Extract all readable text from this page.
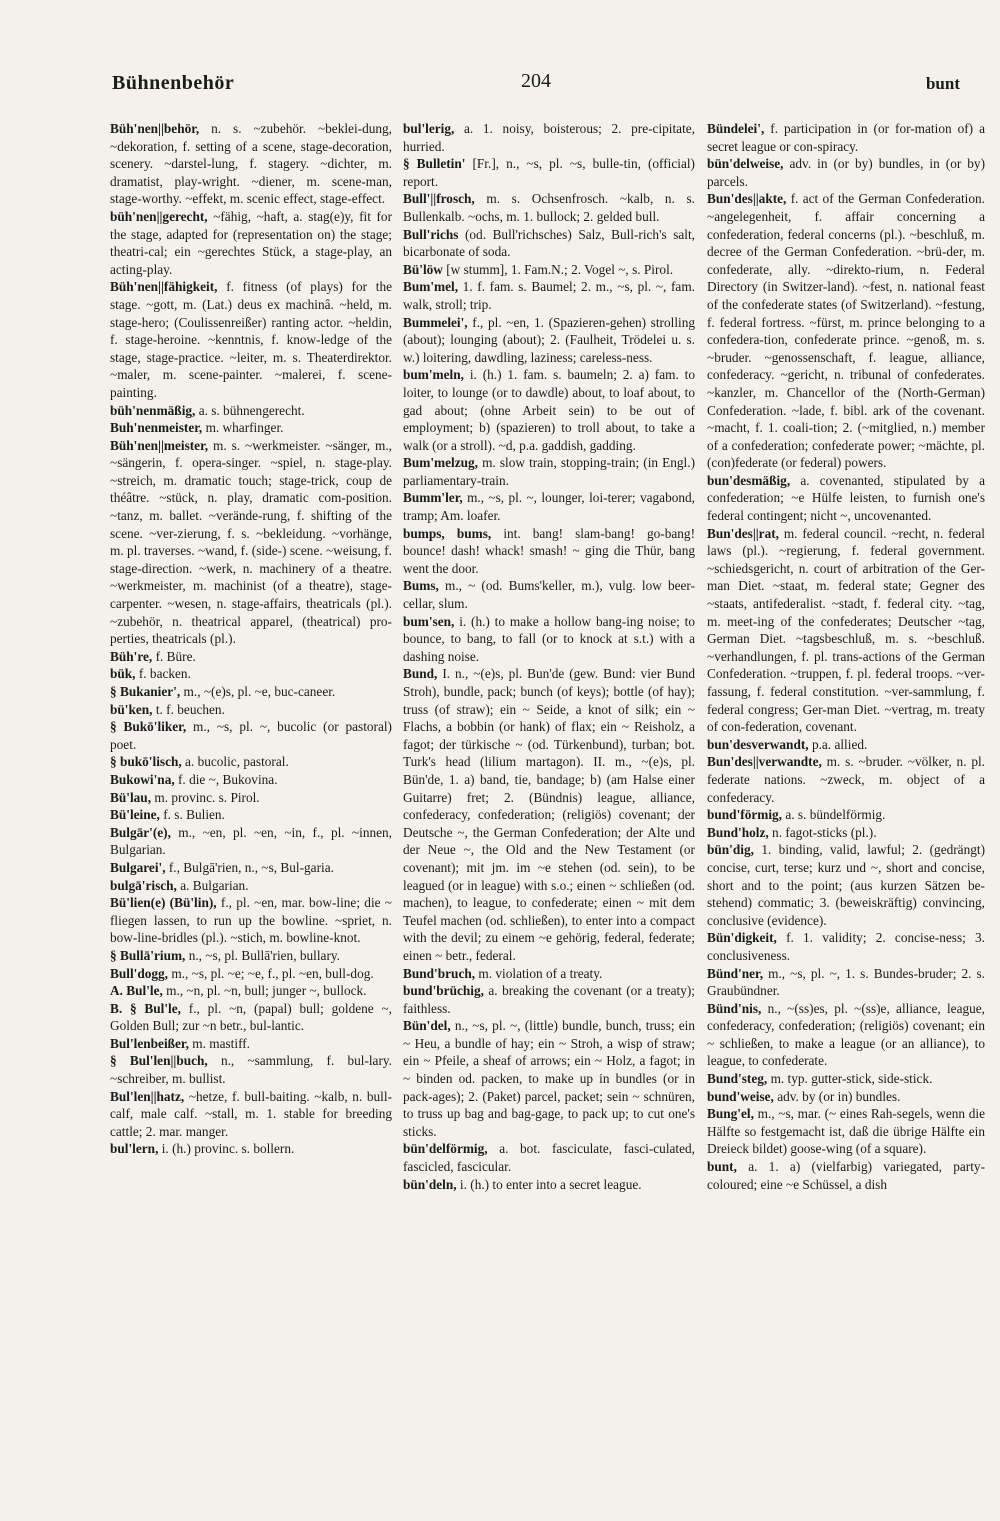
Bühnenbehör	204	bunt

Büh'nen||behör, n. s. ~zubehör. ~beklei-dung, ~dekoration, f. setting of a scene, stage-decoration, scenery. ~darstel-lung, f. stagery. ~dichter, m. dramatist, play-wright. ~diener, m. scene-man, stage-worthy. ~effekt, m. scenic effect, stage-effect.

büh'nen||gerecht, ~fähig, ~haft, a. stag(e)y, fit for the stage, adapted for (representation on) the stage; theatri-cal; ein ~gerechtes Stück, a stage-play, an acting-play.

Büh'nen||fähigkeit, f. fitness (of plays) for the stage. ~gott, m. (Lat.) deus ex machinâ. ~held, m. stage-hero; (Coulissenreißer) ranting actor. ~heldin, f. stage-heroine. ~kenntnis, f. know-ledge of the stage, stage-practice. ~leiter, m. s. Theaterdirektor. ~maler, m. scene-painter. ~malerei, f. scene-painting.

büh'nenmäßig, a. s. bühnengerecht.

Buh'nenmeister, m. wharfinger.

Büh'nen||meister, m. s. ~werkmeister. ~sänger, m., ~sängerin, f. opera-singer. ~spiel, n. stage-play. ~streich, m. dramatic touch; stage-trick, coup de théâtre. ~stück, n. play, dramatic com-position. ~tanz, m. ballet. ~verände-rung, f. shifting of the scene. ~ver-zierung, f. s. ~bekleidung. ~vorhänge, m. pl. traverses. ~wand, f. (side-) scene. ~weisung, f. stage-direction. ~werk, n. machinery of a theatre. ~werkmeister, m. machinist (of a theatre), stage-carpenter. ~wesen, n. stage-affairs, theatricals (pl.). ~zubehör, n. theatrical apparel, (theatrical) pro-perties, theatricals (pl.).

Büh're, f. Büre.

bük, f. backen.

§ Bukanier', m., ~(e)s, pl. ~e, buc-caneer.

bü'ken, t. f. beuchen.

§ Bukō'liker, m., ~s, pl. ~, bucolic (or pastoral) poet.

§ bukō'lisch, a. bucolic, pastoral.

Bukowi'na, f. die ~, Bukovina.

Bü'lau, m. provinc. s. Pirol.

Bü'leine, f. s. Bulien.

Bulgār'(e), m., ~en, pl. ~en, ~in, f., pl. ~innen, Bulgarian.

Bulgarei', f., Bulgā'rien, n., ~s, Bul-garia.

bulgā'risch, a. Bulgarian.

Bü'lien(e) (Bü'lin), f., pl. ~en, mar. bow-line; die ~ fliegen lassen, to run up the bowline. ~spriet, n. bow-line-bridles (pl.). ~stich, m. bowline-knot.

§ Bullā'rium, n., ~s, pl. Bullā'rien, bullary.

Bull'dogg, m., ~s, pl. ~e; ~e, f., pl. ~en, bull-dog.

A. Bul'le, m., ~n, pl. ~n, bull; junger ~, bullock.

B. § Bul'le, f., pl. ~n, (papal) bull; goldene ~, Golden Bull; zur ~n betr., bul-lantic.

Bul'lenbeißer, m. mastiff.

§ Bul'len||buch, n., ~sammlung, f. bul-lary. ~schreiber, m. bullist.

Bul'len||hatz, ~hetze, f. bull-baiting. ~kalb, n. bull-calf, male calf. ~stall, m. 1. stable for breeding cattle; 2. mar. manger.

bul'lern, i. (h.) provinc. s. bollern.

bul'lerig, a. 1. noisy, boisterous; 2. pre-cipitate, hurried.

§ Bulletin' [Fr.], n., ~s, pl. ~s, bulle-tin, (official) report.

Bull'||frosch, m. s. Ochsenfrosch. ~kalb, n. s. Bullenkalb. ~ochs, m. 1. bullock; 2. gelded bull.

Bull'richs (od. Bull'richsches) Salz, Bull-rich's salt, bicarbonate of soda.

Bü'löw [w stumm], 1. Fam.N.; 2. Vogel ~, s. Pirol.

Bum'mel, 1. f. fam. s. Baumel; 2. m., ~s, pl. ~, fam. walk, stroll; trip.

Bummelei', f., pl. ~en, 1. (Spazieren-gehen) strolling (about); lounging (about); 2. (Faulheit, Trödelei u. s. w.) loitering, dawdling, laziness; careless-ness.

bum'meln, i. (h.) 1. fam. s. baumeln; 2. a) fam. to loiter, to lounge (or to dawdle) about, to loaf about, to gad about; (ohne Arbeit sein) to be out of employment; b) (spazieren) to troll about, to take a walk (or a stroll). ~d, p.a. gaddish, gadding.

Bum'melzug, m. slow train, stopping-train; (in Engl.) parliamentary-train.

Bumm'ler, m., ~s, pl. ~, lounger, loi-terer; vagabond, tramp; Am. loafer.

bumps, bums, int. bang! slam-bang! go-bang! bounce! dash! whack! smash! ~ ging die Thür, bang went the door.

Bums, m., ~ (od. Bums'keller, m.), vulg. low beer-cellar, slum.

bum'sen, i. (h.) to make a hollow bang-ing noise; to bounce, to bang, to fall (or to knock at s.t.) with a dashing noise.

Bund, I. n., ~(e)s, pl. Bun'de (gew. Bund: vier Bund Stroh), bundle, pack; bunch (of keys); bottle (of hay); truss (of straw); ein ~ Seide, a knot of silk; ein ~ Flachs, a bobbin (or hank) of flax; ein ~ Reisholz, a fagot; der türkische ~ (od. Türkenbund), turban; bot. Turk's head (lilium martagon). II. m., ~(e)s, pl. Bün'de, 1. a) band, tie, bandage; b) (am Halse einer Guitarre) fret; 2. (Bündnis) league, alliance, confederacy, confederation; (religiös) covenant; der Deutsche ~, the German Confederation; der Alte und der Neue ~, the Old and the New Testament (or covenant); mit jm. im ~e stehen (od. sein), to be leagued (or in league) with s.o.; einen ~ schließen (od. machen), to league, to confederate; einen ~ mit dem Teufel machen (od. schließen), to enter into a compact with the devil; zu einem ~e gehörig, federal, federate; einen ~ betr., federal.

Bund'bruch, m. violation of a treaty.

bund'brüchig, a. breaking the covenant (or a treaty); faithless.

Bün'del, n., ~s, pl. ~, (little) bundle, bunch, truss; ein ~ Heu, a bundle of hay; ein ~ Stroh, a wisp of straw; ein ~ Pfeile, a sheaf of arrows; ein ~ Holz, a fagot; in ~ binden od. packen, to make up in bundles (or in pack-ages); 2. (Paket) parcel, packet; sein ~ schnüren, to truss up bag and bag-gage, to pack up; to cut one's sticks.

bün'delförmig, a. bot. fasciculate, fasci-culated, fascicled, fascicular.

bün'deln, i. (h.) to enter into a secret league.

Bündelei', f. participation in (or for-mation of) a secret league or con-spiracy.

bün'delweise, adv. in (or by) bundles, in (or by) parcels.

Bun'des||akte, f. act of the German Confederation. ~angelegenheit, f. affair concerning a confederation, federal concerns (pl.). ~beschluß, m. decree of the German Confederation. ~brü-der, m. confederate, ally. ~direkto-rium, n. Federal Directory (in Switzer-land). ~fest, n. national feast of the confederate states (of Switzerland). ~festung, f. federal fortress. ~fürst, m. prince belonging to a confedera-tion, confederate prince. ~genoß, m. s. ~bruder. ~genossenschaft, f. league, alliance, confederacy. ~gericht, n. tribunal of confederates. ~kanzler, m. Chancellor of the (North-German) Confederation. ~lade, f. bibl. ark of the covenant. ~macht, f. 1. coali-tion; 2. (~mitglied, n.) member of a confederation; confederate power; ~mächte, pl. (con)federate (or federal) powers.

bun'desmäßig, a. covenanted, stipulated by a confederation; ~e Hülfe leisten, to furnish one's federal contingent; nicht ~, uncovenanted.

Bun'des||rat, m. federal council. ~recht, n. federal laws (pl.). ~regierung, f. federal government. ~schiedsgericht, n. court of arbitration of the Ger-man Diet. ~staat, m. federal state; Gegner des ~staats, antifederalist. ~stadt, f. federal city. ~tag, m. meet-ing of the confederates; Deutscher ~tag, German Diet. ~tagsbeschluß, m. s. ~beschluß. ~verhandlungen, f. pl. trans-actions of the German Confederation. ~truppen, f. pl. federal troops. ~ver-fassung, f. federal constitution. ~ver-sammlung, f. federal congress; Ger-man Diet. ~vertrag, m. treaty of con-federation, covenant.

bun'desverwandt, p.a. allied.

Bun'des||verwandte, m. s. ~bruder. ~völker, n. pl. federate nations. ~zweck, m. object of a confederacy.

bund'förmig, a. s. bündelförmig.

Bund'holz, n. fagot-sticks (pl.).

bün'dig, 1. binding, valid, lawful; 2. (gedrängt) concise, curt, terse; kurz und ~, short and concise, short and to the point; (aus kurzen Sätzen be-stehend) commatic; 3. (beweiskräftig) convincing, conclusive (evidence).

Bün'digkeit, f. 1. validity; 2. concise-ness; 3. conclusiveness.

Bünd'ner, m., ~s, pl. ~, 1. s. Bundes-bruder; 2. s. Graubündner.

Bünd'nis, n., ~(ss)es, pl. ~(ss)e, alliance, league, confederacy, confederation; (religiös) covenant; ein ~ schließen, to make a league (or an alliance), to league, to confederate.

Bund'steg, m. typ. gutter-stick, side-stick.

bund'weise, adv. by (or in) bundles.

Bung'el, m., ~s, mar. (~ eines Rah-segels, wenn die Hälfte so festgemacht ist, daß die übrige Hälfte ein Dreieck bildet) goose-wing (of a square).

bunt, a. 1. a) (vielfarbig) variegated, party-coloured; eine ~e Schüssel, a dish
